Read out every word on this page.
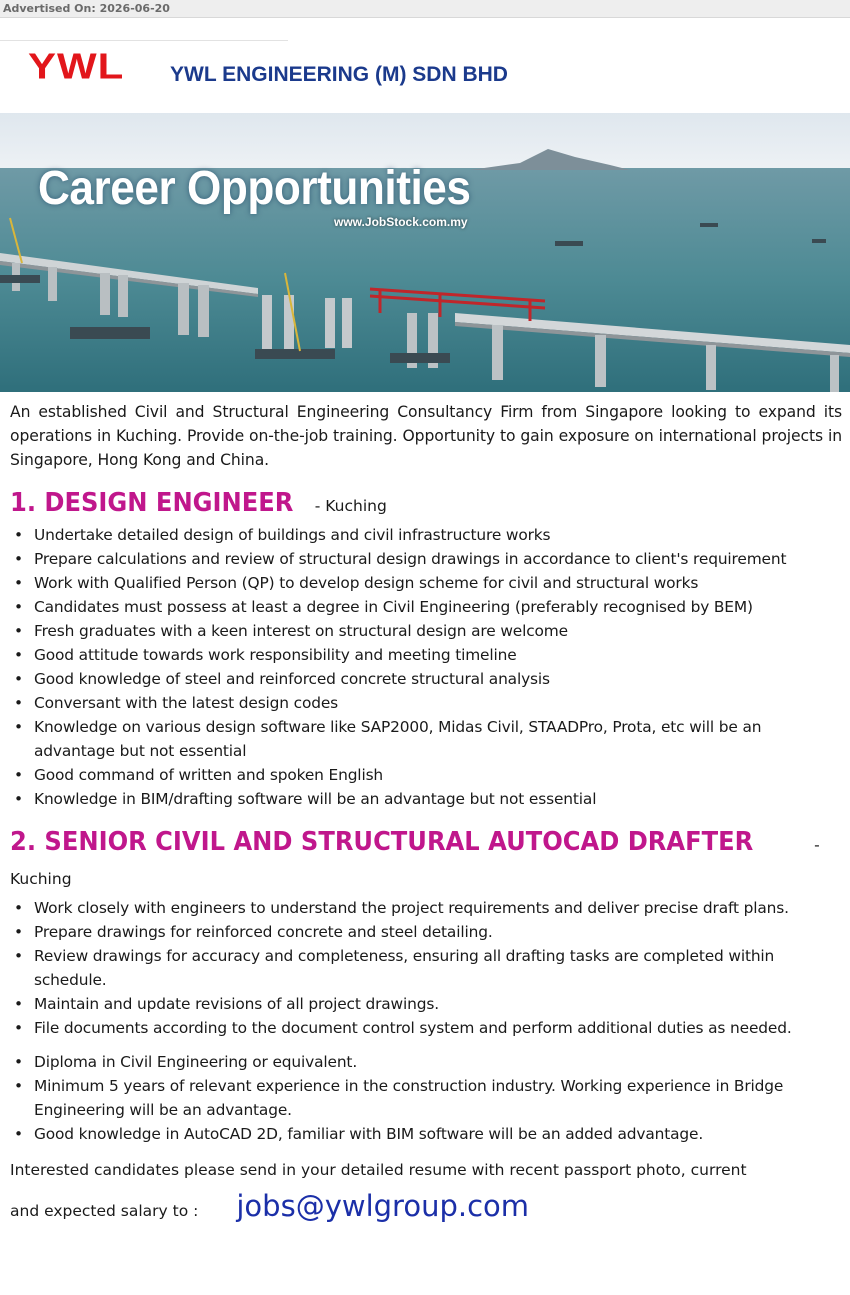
Advertised On: 2026-06-20
YWL YWL ENGINEERING (M) SDN BHD
Career Opportunities
www.JobStock.com.my

An established Civil and Structural Engineering Consultancy Firm from Singapore looking to expand its operations in Kuching. Provide on-the-job training. Opportunity to gain exposure on international projects in Singapore, Hong Kong and China.

1. DESIGN ENGINEER - Kuching
• Undertake detailed design of buildings and civil infrastructure works
• Prepare calculations and review of structural design drawings in accordance to client's requirement
• Work with Qualified Person (QP) to develop design scheme for civil and structural works
• Candidates must possess at least a degree in Civil Engineering (preferably recognised by BEM)
• Fresh graduates with a keen interest on structural design are welcome
• Good attitude towards work responsibility and meeting timeline
• Good knowledge of steel and reinforced concrete structural analysis
• Conversant with the latest design codes
• Knowledge on various design software like SAP2000, Midas Civil, STAADPro, Prota, etc will be an advantage but not essential
• Good command of written and spoken English
• Knowledge in BIM/drafting software will be an advantage but not essential
2. SENIOR CIVIL AND STRUCTURAL AUTOCAD DRAFTER	- Kuching
• Work closely with engineers to understand the project requirements and deliver precise draft plans.
• Prepare drawings for reinforced concrete and steel detailing.
• Review drawings for accuracy and completeness, ensuring all drafting tasks are completed within schedule.
• Maintain and update revisions of all project drawings.
• File documents according to the document control system and perform additional duties as needed.
• Diploma in Civil Engineering or equivalent.
• Minimum 5 years of relevant experience in the construction industry. Working experience in Bridge Engineering will be an advantage.
• Good knowledge in AutoCAD 2D, familiar with BIM software will be an added advantage.
Interested candidates please send in your detailed resume with recent passport photo, current
and expected salary to : jobs@ywlgroup.com
